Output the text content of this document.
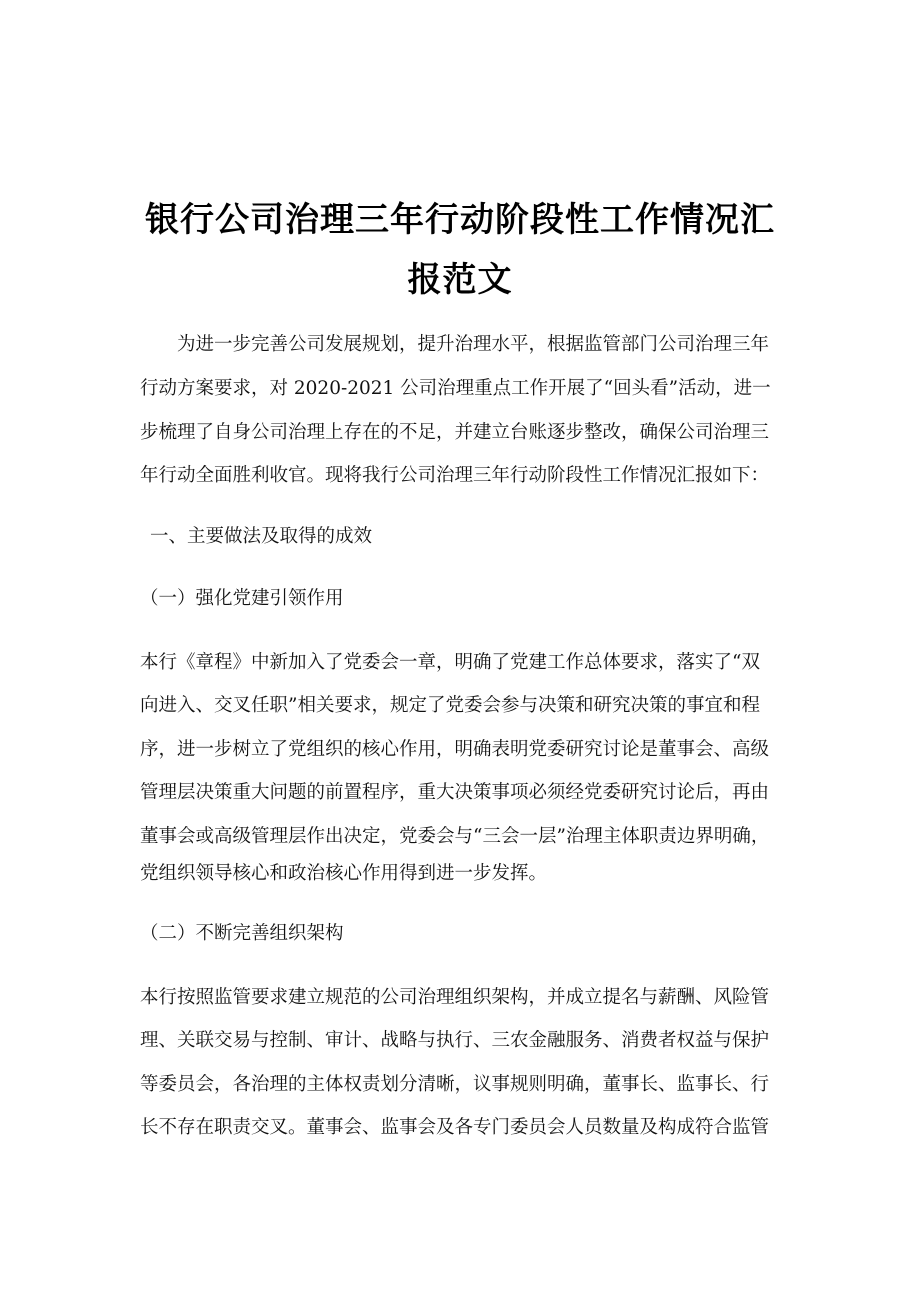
银行公司治理三年行动阶段性工作情况汇
报范文
为进一步完善公司发展规划，提升治理水平，根据监管部门公司治理三年
行动方案要求，对 2020-2021 公司治理重点工作开展了“回头看”活动，进一
步梳理了自身公司治理上存在的不足，并建立台账逐步整改，确保公司治理三
年行动全面胜利收官。现将我行公司治理三年行动阶段性工作情况汇报如下：
一、主要做法及取得的成效
（一）强化党建引领作用
本行《章程》中新加入了党委会一章，明确了党建工作总体要求，落实了“双
向进入、交叉任职”相关要求，规定了党委会参与决策和研究决策的事宜和程
序，进一步树立了党组织的核心作用，明确表明党委研究讨论是董事会、高级
管理层决策重大问题的前置程序，重大决策事项必须经党委研究讨论后，再由
董事会或高级管理层作出决定，党委会与“三会一层”治理主体职责边界明确，
党组织领导核心和政治核心作用得到进一步发挥。
（二）不断完善组织架构
本行按照监管要求建立规范的公司治理组织架构，并成立提名与薪酬、风险管
理、关联交易与控制、审计、战略与执行、三农金融服务、消费者权益与保护
等委员会，各治理的主体权责划分清晰，议事规则明确，董事长、监事长、行
长不存在职责交叉。董事会、监事会及各专门委员会人员数量及构成符合监管
